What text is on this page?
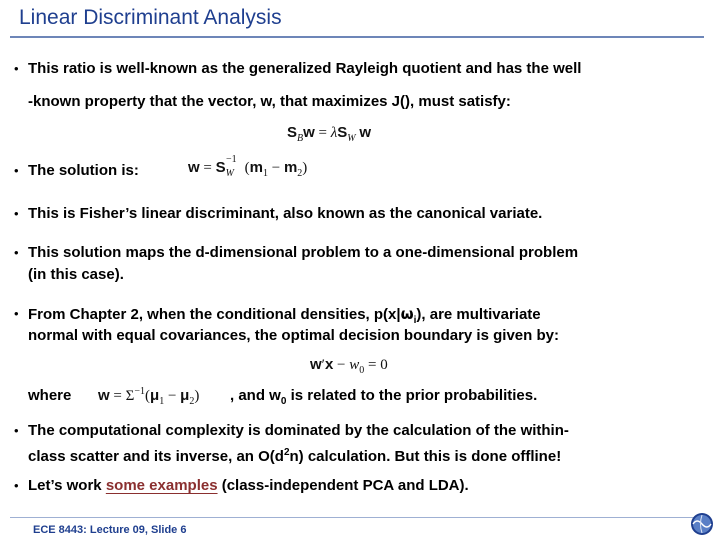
Linear Discriminant Analysis
• This ratio is well-known as the generalized Rayleigh quotient and has the well
-known property that the vector, w, that maximizes J(), must satisfy:
$S_Bw = \lambda S_W$ w
• The solution is:	$w = S_W^{-1}(m_1 - m_2)$
• This is Fisher’s linear discriminant, also known as the canonical variate.
• This solution maps the d-dimensional problem to a one-dimensional problem
(in this case).
• From Chapter 2, when the conditional densities, $p(x|\omega_i)$, are multivariate
normal with equal covariances, the optimal decision boundary is given by:
$w'x - w_0 = 0$
where	, and $w_0$ is related to the prior probabilities.
$w = \Sigma^{-1}(\mu_1 - \mu_2)$
• The computational complexity is dominated by the calculation of the within-
class scatter and its inverse, an $O(d^2n)$ calculation. But this is done offline!
• Let’s work some examples (class-independent PCA and LDA).
ECE 8443: Lecture 09, Slide 6
